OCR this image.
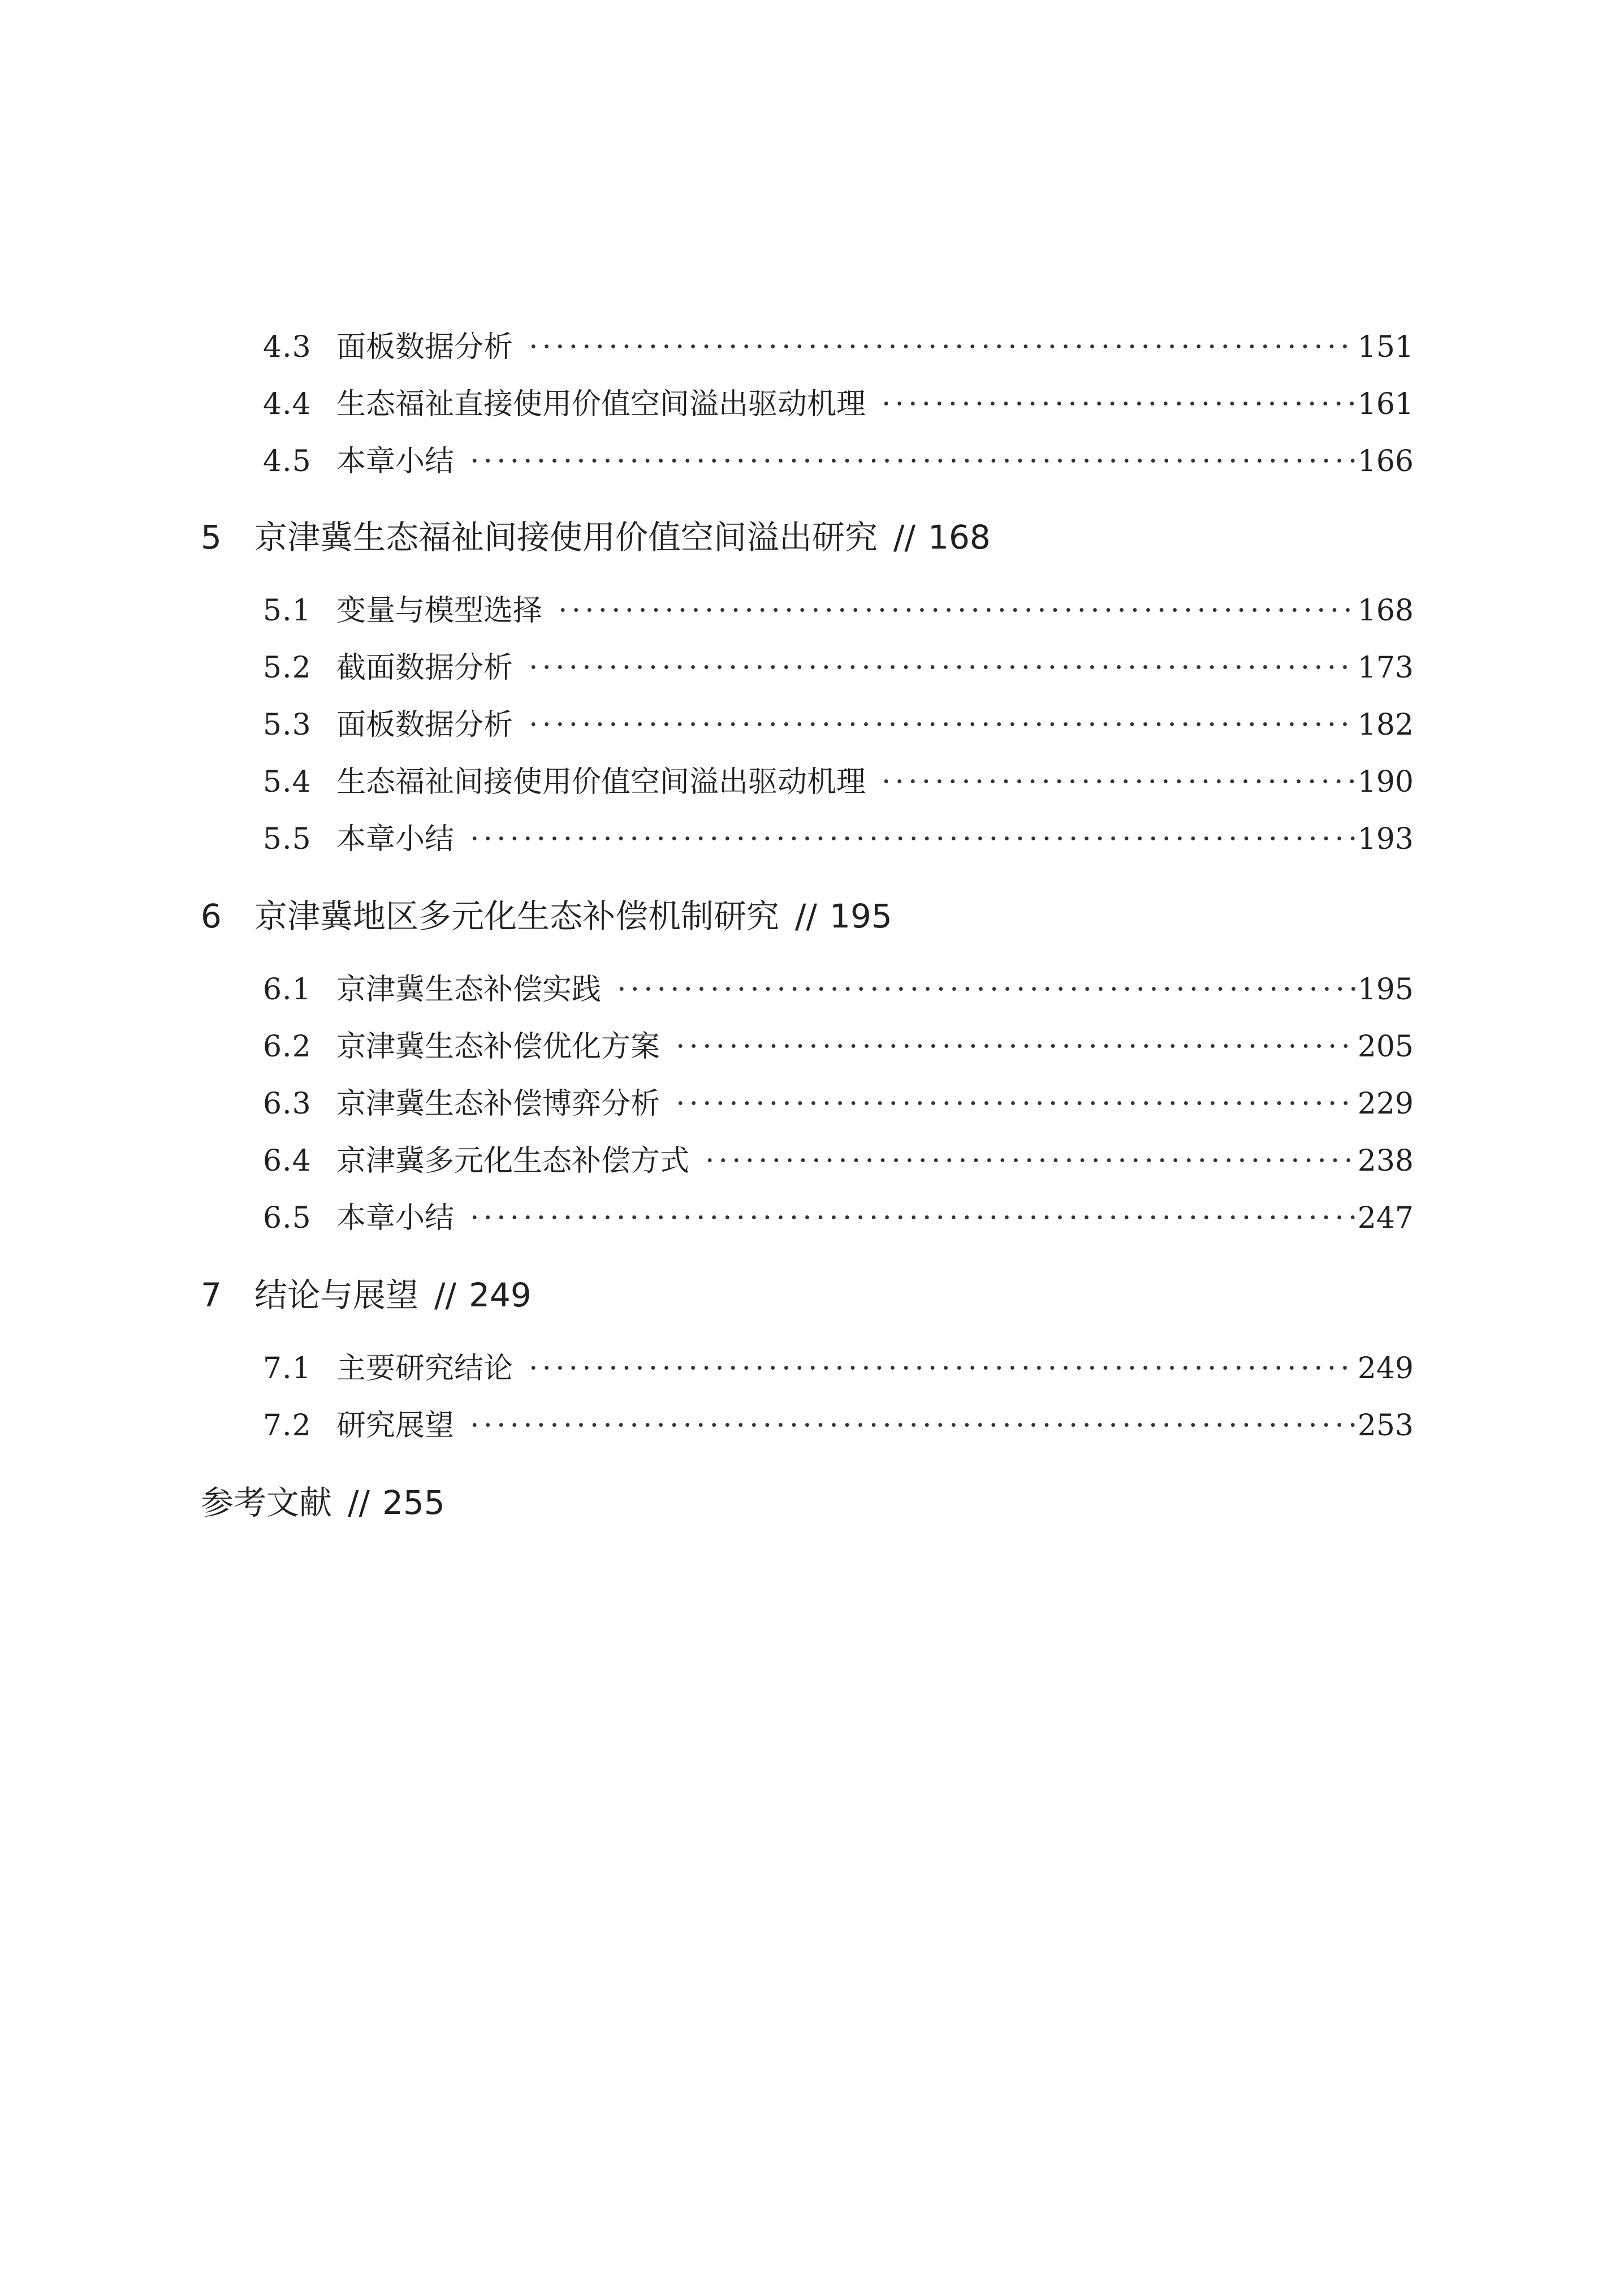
4.3 面板数据分析 ·····	151
4.4 生态福祉直接使用价值空间溢出驱动机理 ·····	161
4.5 本章小结 ·····	166
5	京津冀生态福祉间接使用价值空间溢出研究 // 168
5.1 变量与模型选择 ·····	168
5.2 截面数据分析 ·····	173
5.3 面板数据分析 ·····	182
5.4 生态福祉间接使用价值空间溢出驱动机理 ·····	190
5.5 本章小结 ·····	193
6	京津冀地区多元化生态补偿机制研究 // 195
6.1 京津冀生态补偿实践 ·····	195
6.2 京津冀生态补偿优化方案 ·····	205
6.3 京津冀生态补偿博弈分析 ·····	229
6.4 京津冀多元化生态补偿方式 ·····	238
6.5 本章小结 ·····	247
7	结论与展望 // 249
7.1 主要研究结论 ·····	249
7.2 研究展望 ·····	253
参考文献 // 255
